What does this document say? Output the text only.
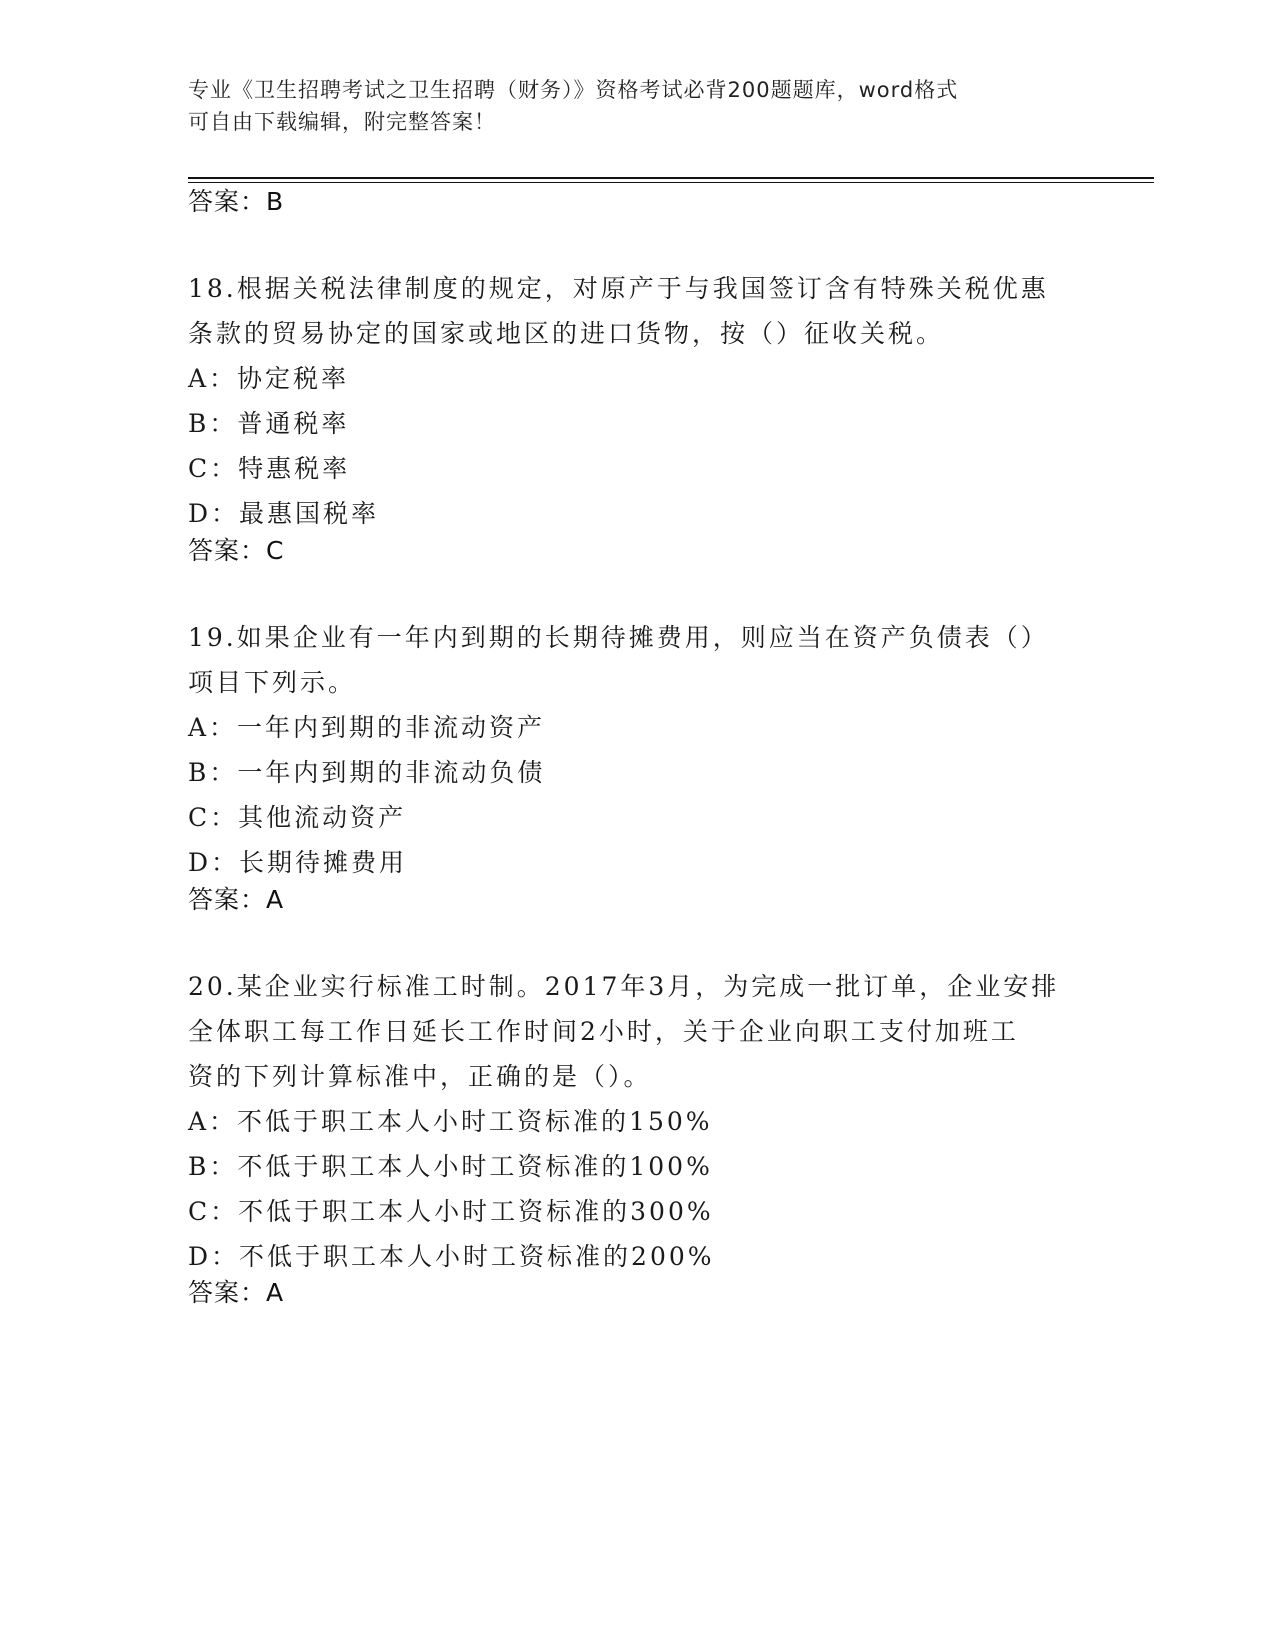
专业《卫生招聘考试之卫生招聘（财务）》资格考试必背200题题库，word格式
可自由下载编辑，附完整答案！
答案：B
18.根据关税法律制度的规定，对原产于与我国签订含有特殊关税优惠
条款的贸易协定的国家或地区的进口货物，按（）征收关税。
A：协定税率
B：普通税率
C：特惠税率
D：最惠国税率
答案：C
19.如果企业有一年内到期的长期待摊费用，则应当在资产负债表（）
项目下列示。
A：一年内到期的非流动资产
B：一年内到期的非流动负债
C：其他流动资产
D：长期待摊费用
答案：A
20.某企业实行标准工时制。2017年3月，为完成一批订单，企业安排
全体职工每工作日延长工作时间2小时，关于企业向职工支付加班工
资的下列计算标准中，正确的是（）。
A：不低于职工本人小时工资标准的150%
B：不低于职工本人小时工资标准的100%
C：不低于职工本人小时工资标准的300%
D：不低于职工本人小时工资标准的200%
答案：A
